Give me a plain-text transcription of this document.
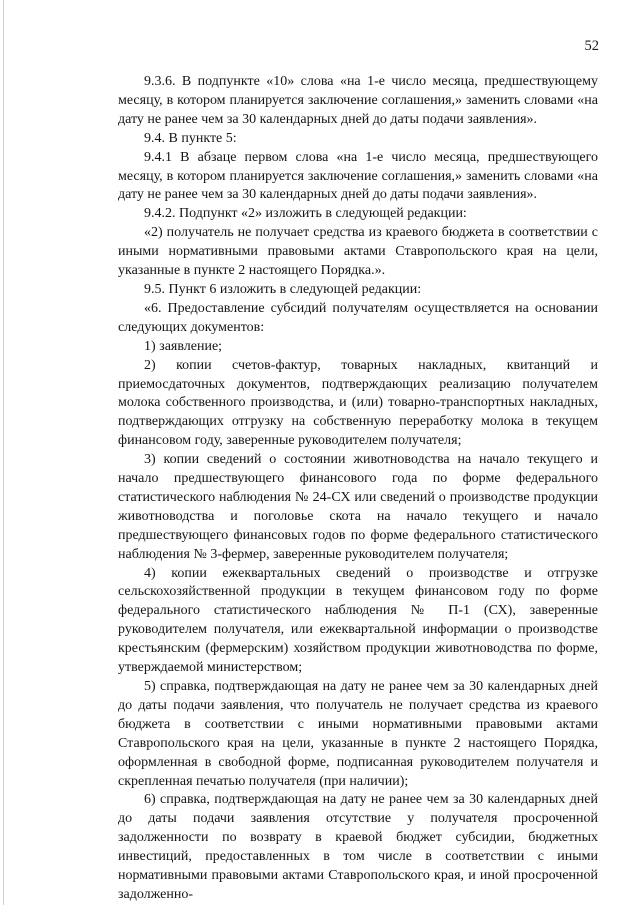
52

9.3.6. В подпункте «10» слова «на 1-е число месяца, предшествующему месяцу, в котором планируется заключение соглашения,» заменить словами «на дату не ранее чем за 30 календарных дней до даты подачи заявления».

9.4. В пункте 5:

9.4.1 В абзаце первом слова «на 1-е число месяца, предшествующего месяцу, в котором планируется заключение соглашения,» заменить словами «на дату не ранее чем за 30 календарных дней до даты подачи заявления».

9.4.2. Подпункт «2» изложить в следующей редакции:

«2) получатель не получает средства из краевого бюджета в соответствии с иными нормативными правовыми актами Ставропольского края на цели, указанные в пункте 2 настоящего Порядка.».

9.5. Пункт 6 изложить в следующей редакции:

«6. Предоставление субсидий получателям осуществляется на основании следующих документов:

1) заявление;

2) копии счетов-фактур, товарных накладных, квитанций и приемосдаточных документов, подтверждающих реализацию получателем молока собственного производства, и (или) товарно-транспортных накладных, подтверждающих отгрузку на собственную переработку молока в текущем финансовом году, заверенные руководителем получателя;

3) копии сведений о состоянии животноводства на начало текущего и начало предшествующего финансового года по форме федерального статистического наблюдения № 24-СХ или сведений о производстве продукции животноводства и поголовье скота на начало текущего и начало предшествующего финансовых годов по форме федерального статистического наблюдения № 3-фермер, заверенные руководителем получателя;

4) копии ежеквартальных сведений о производстве и отгрузке сельскохозяйственной продукции в текущем финансовом году по форме федерального статистического наблюдения № П-1 (СХ), заверенные руководителем получателя, или ежеквартальной информации о производстве крестьянским (фермерским) хозяйством продукции животноводства по форме, утверждаемой министерством;

5) справка, подтверждающая на дату не ранее чем за 30 календарных дней до даты подачи заявления, что получатель не получает средства из краевого бюджета в соответствии с иными нормативными правовыми актами Ставропольского края на цели, указанные в пункте 2 настоящего Порядка, оформленная в свободной форме, подписанная руководителем получателя и скрепленная печатью получателя (при наличии);

6) справка, подтверждающая на дату не ранее чем за 30 календарных дней до даты подачи заявления отсутствие у получателя просроченной задолженности по возврату в краевой бюджет субсидии, бюджетных инвестиций, предоставленных в том числе в соответствии с иными нормативными правовыми актами Ставропольского края, и иной просроченной задолженно-
